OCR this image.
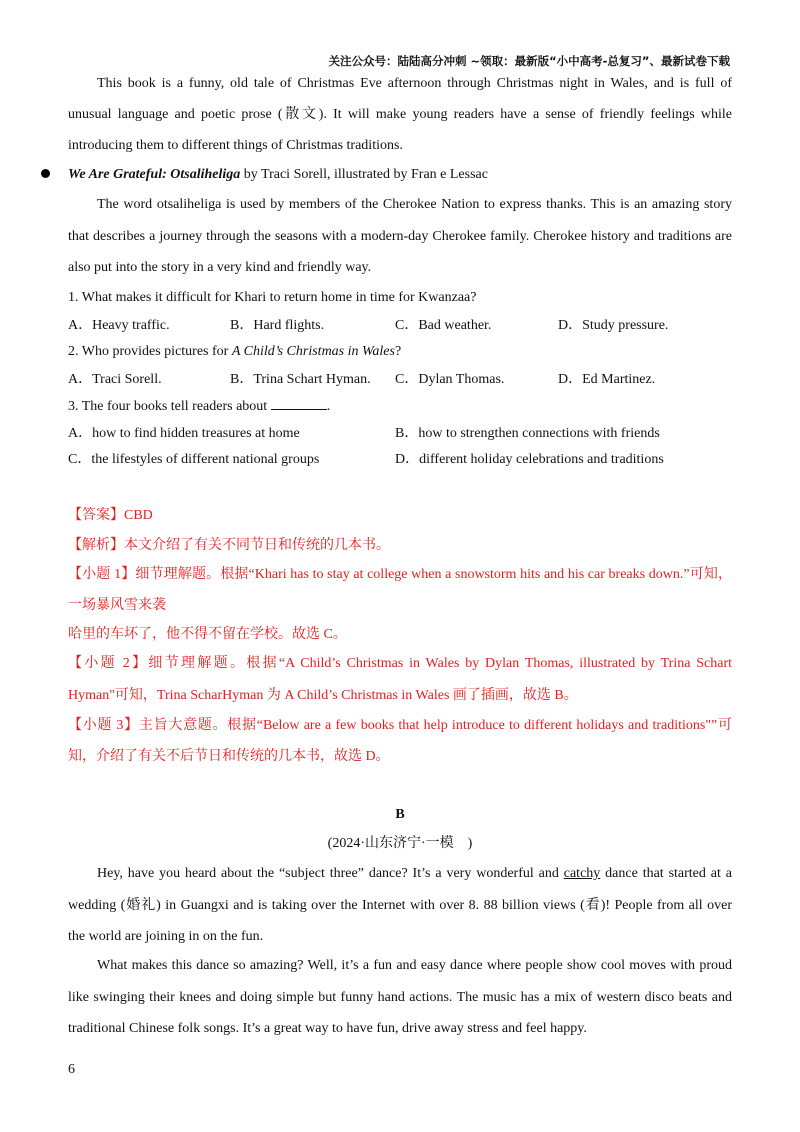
关注公众号：陆陆高分冲刺 ~领取：最新版“小中高考-总复习”、最新试卷下载
This book is a funny, old tale of Christmas Eve afternoon through Christmas night in Wales, and is full of
unusual language and poetic prose (散文). It will make young readers have a sense of friendly feelings while
introducing them to different things of Christmas traditions.
We Are Grateful: Otsaliheliga by Traci Sorell, illustrated by Fran e Lessac
The word otsaliheliga is used by members of the Cherokee Nation to express thanks. This is an amazing story
that describes a journey through the seasons with a modern-day Cherokee family. Cherokee history and traditions are
also put into the story in a very kind and friendly way.
1. What makes it difficult for Khari to return home in time for Kwanzaa?
A．Heavy traffic.	B．Hard flights.	C．Bad weather.	D．Study pressure.
2. Who provides pictures for A Child’s Christmas in Wales?
A．Traci Sorell.	B．Trina Schart Hyman. C．Dylan Thomas.	D．Ed Martinez.
3. The four books tell readers about	.
A．how to find hidden treasures at home	B．how to strengthen connections with friends
C．the lifestyles of different national groups	D．different holiday celebrations and traditions
【答案】CBD
【解析】本文介绍了有关不同节日和传统的几本书。
【小题 1】细节理解题。根据“Khari has to stay at college when a snowstorm hits and his car breaks down.”可知，
一场暴风雪来袭
哈里的车坏了，他不得不留在学校。故选 C。
【小题 2】细节理解题。根据“A Child’s Christmas in Wales by Dylan Thomas, illustrated by Trina Schart
Hyman"可知，Trina ScharHyman 为 A Child’s Christmas in Wales 画了插画，故选 B。
【小题 3】主旨大意题。根据“Below are a few books that help introduce to different holidays and traditions"”可
知，介绍了有关不后节日和传统的几本书，故选 D。
B
(2024·山东济宁·一模　)
Hey, have you heard about the “subject three” dance? It’s a very wonderful and catchy dance that started at a
wedding (婚礼) in Guangxi and is taking over the Internet with over 8. 88 billion views (看)! People from all over
the world are joining in on the fun.
What makes this dance so amazing? Well, it’s a fun and easy dance where people show cool moves with proud
like swinging their knees and doing simple but funny hand actions. The music has a mix of western disco beats and
traditional Chinese folk songs. It’s a great way to have fun, drive away stress and feel happy.
6
